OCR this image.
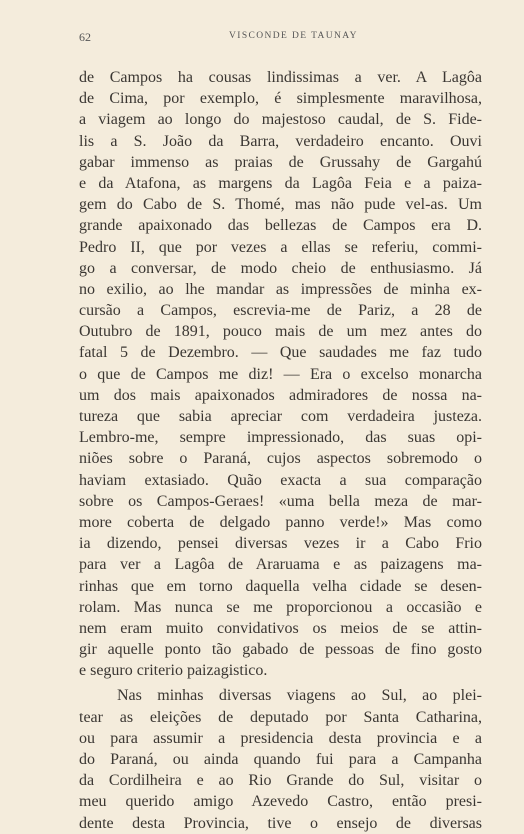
62	VISCONDE DE TAUNAY
de Campos ha cousas lindissimas a ver. A Lagôa
de Cima, por exemplo, é simplesmente maravilhosa,
a viagem ao longo do majestoso caudal, de S. Fide-
lis a S. João da Barra, verdadeiro encanto. Ouvi
gabar immenso as praias de Grussahy de Gargahú
e da Atafona, as margens da Lagôa Feia e a paiza-
gem do Cabo de S. Thomé, mas não pude vel-as. Um
grande apaixonado das bellezas de Campos era D.
Pedro II, que por vezes a ellas se referiu, commi-
go a conversar, de modo cheio de enthusiasmo. Já
no exilio, ao lhe mandar as impressões de minha ex-
cursão a Campos, escrevia-me de Pariz, a 28 de
Outubro de 1891, pouco mais de um mez antes do
fatal 5 de Dezembro. — Que saudades me faz tudo
o que de Campos me diz! — Era o excelso monarcha
um dos mais apaixonados admiradores de nossa na-
tureza que sabia apreciar com verdadeira justeza.
Lembro-me, sempre impressionado, das suas opi-
niões sobre o Paraná, cujos aspectos sobremodo o
haviam extasiado. Quão exacta a sua comparação
sobre os Campos-Geraes! «uma bella meza de mar-
more coberta de delgado panno verde!» Mas como
ia dizendo, pensei diversas vezes ir a Cabo Frio
para ver a Lagôa de Araruama e as paizagens ma-
rinhas que em torno daquella velha cidade se desen-
rolam. Mas nunca se me proporcionou a occasião e
nem eram muito convidativos os meios de se attin-
gir aquelle ponto tão gabado de pessoas de fino gosto
e seguro criterio paizagistico.
Nas minhas diversas viagens ao Sul, ao plei-
tear as eleições de deputado por Santa Catharina,
ou para assumir a presidencia desta provincia e a
do Paraná, ou ainda quando fui para a Campanha
da Cordilheira e ao Rio Grande do Sul, visitar o
meu querido amigo Azevedo Castro, então presi-
dente desta Provincia, tive o ensejo de diversas
